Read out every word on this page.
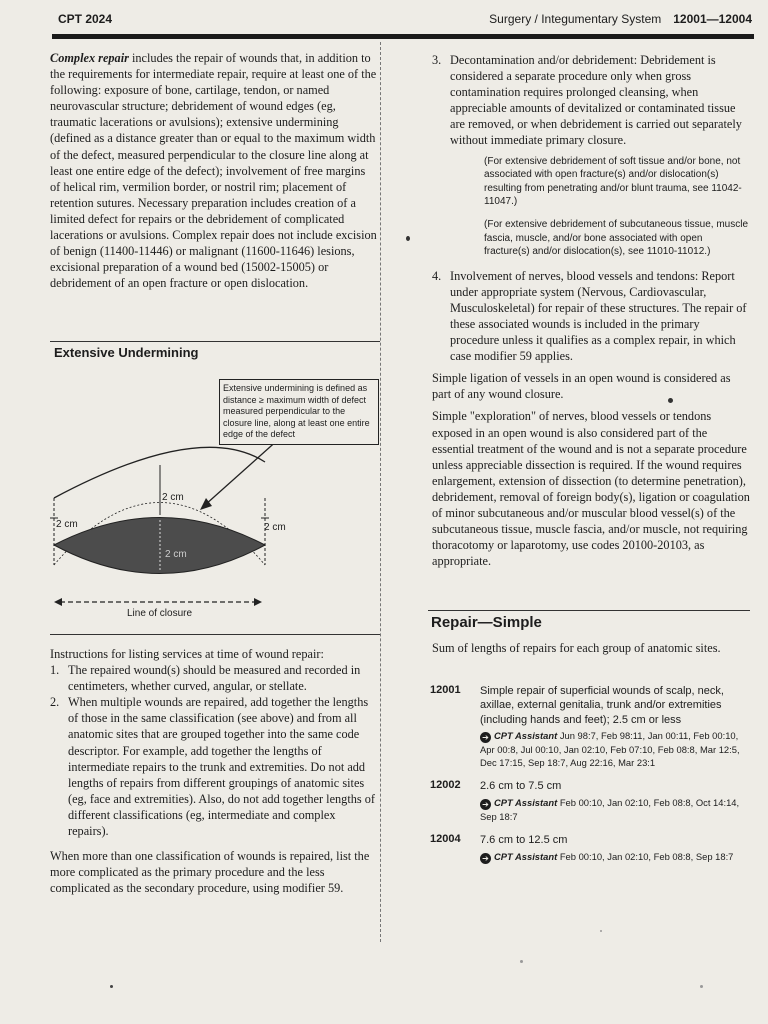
CPT 2024	Surgery / Integumentary System 12001—12004

Complex repair includes the repair of wounds that, in addition to the requirements for intermediate repair, require at least one of the following: exposure of bone, cartilage, tendon, or named neurovascular structure; debridement of wound edges (eg, traumatic lacerations or avulsions); extensive undermining (defined as a distance greater than or equal to the maximum width of the defect, measured perpendicular to the closure line along at least one entire edge of the defect); involvement of free margins of helical rim, vermilion border, or nostril rim; placement of retention sutures. Necessary preparation includes creation of a limited defect for repairs or the debridement of complicated lacerations or avulsions. Complex repair does not include excision of benign (11400-11446) or malignant (11600-11646) lesions, excisional preparation of a wound bed (15002-15005) or debridement of an open fracture or open dislocation.

Extensive Undermining
Extensive undermining is defined as distance ≥ maximum width of defect measured perpendicular to the closure line, along at least one entire edge of the defect
2 cm
2 cm	2 cm
2 cm
Line of closure

Instructions for listing services at time of wound repair:

1. The repaired wound(s) should be measured and recorded in centimeters, whether curved, angular, or stellate.
2. When multiple wounds are repaired, add together the lengths of those in the same classification (see above) and from all anatomic sites that are grouped together into the same code descriptor. For example, add together the lengths of intermediate repairs to the trunk and extremities. Do not add lengths of repairs from different groupings of anatomic sites (eg, face and extremities). Also, do not add together lengths of different classifications (eg, intermediate and complex repairs).

When more than one classification of wounds is repaired, list the more complicated as the primary procedure and the less complicated as the secondary procedure, using modifier 59.

3. Decontamination and/or debridement: Debridement is considered a separate procedure only when gross contamination requires prolonged cleansing, when appreciable amounts of devitalized or contaminated tissue are removed, or when debridement is carried out separately without immediate primary closure.
(For extensive debridement of soft tissue and/or bone, not associated with open fracture(s) and/or dislocation(s) resulting from penetrating and/or blunt trauma, see 11042-11047.)
(For extensive debridement of subcutaneous tissue, muscle fascia, muscle, and/or bone associated with open fracture(s) and/or dislocation(s), see 11010-11012.)
4. Involvement of nerves, blood vessels and tendons: Report under appropriate system (Nervous, Cardiovascular, Musculoskeletal) for repair of these structures. The repair of these associated wounds is included in the primary procedure unless it qualifies as a complex repair, in which case modifier 59 applies.

Simple ligation of vessels in an open wound is considered as part of any wound closure.

Simple "exploration" of nerves, blood vessels or tendons exposed in an open wound is also considered part of the essential treatment of the wound and is not a separate procedure unless appreciable dissection is required. If the wound requires enlargement, extension of dissection (to determine penetration), debridement, removal of foreign body(s), ligation or coagulation of minor subcutaneous and/or muscular blood vessel(s) of the subcutaneous tissue, muscle fascia, and/or muscle, not requiring thoracotomy or laparotomy, use codes 20100-20103, as appropriate.

Repair—Simple

Sum of lengths of repairs for each group of anatomic sites.

12001 Simple repair of superficial wounds of scalp, neck, axillae, external genitalia, trunk and/or extremities (including hands and feet); 2.5 cm or less
➔ CPT Assistant Jun 98:7, Feb 98:11, Jan 00:11, Feb 00:10, Apr 00:8, Jul 00:10, Jan 02:10, Feb 07:10, Feb 08:8, Mar 12:5, Dec 17:15, Sep 18:7, Aug 22:16, Mar 23:1
12002 2.6 cm to 7.5 cm
➔ CPT Assistant Feb 00:10, Jan 02:10, Feb 08:8, Oct 14:14, Sep 18:7
12004 7.6 cm to 12.5 cm
➔ CPT Assistant Feb 00:10, Jan 02:10, Feb 08:8, Sep 18:7
